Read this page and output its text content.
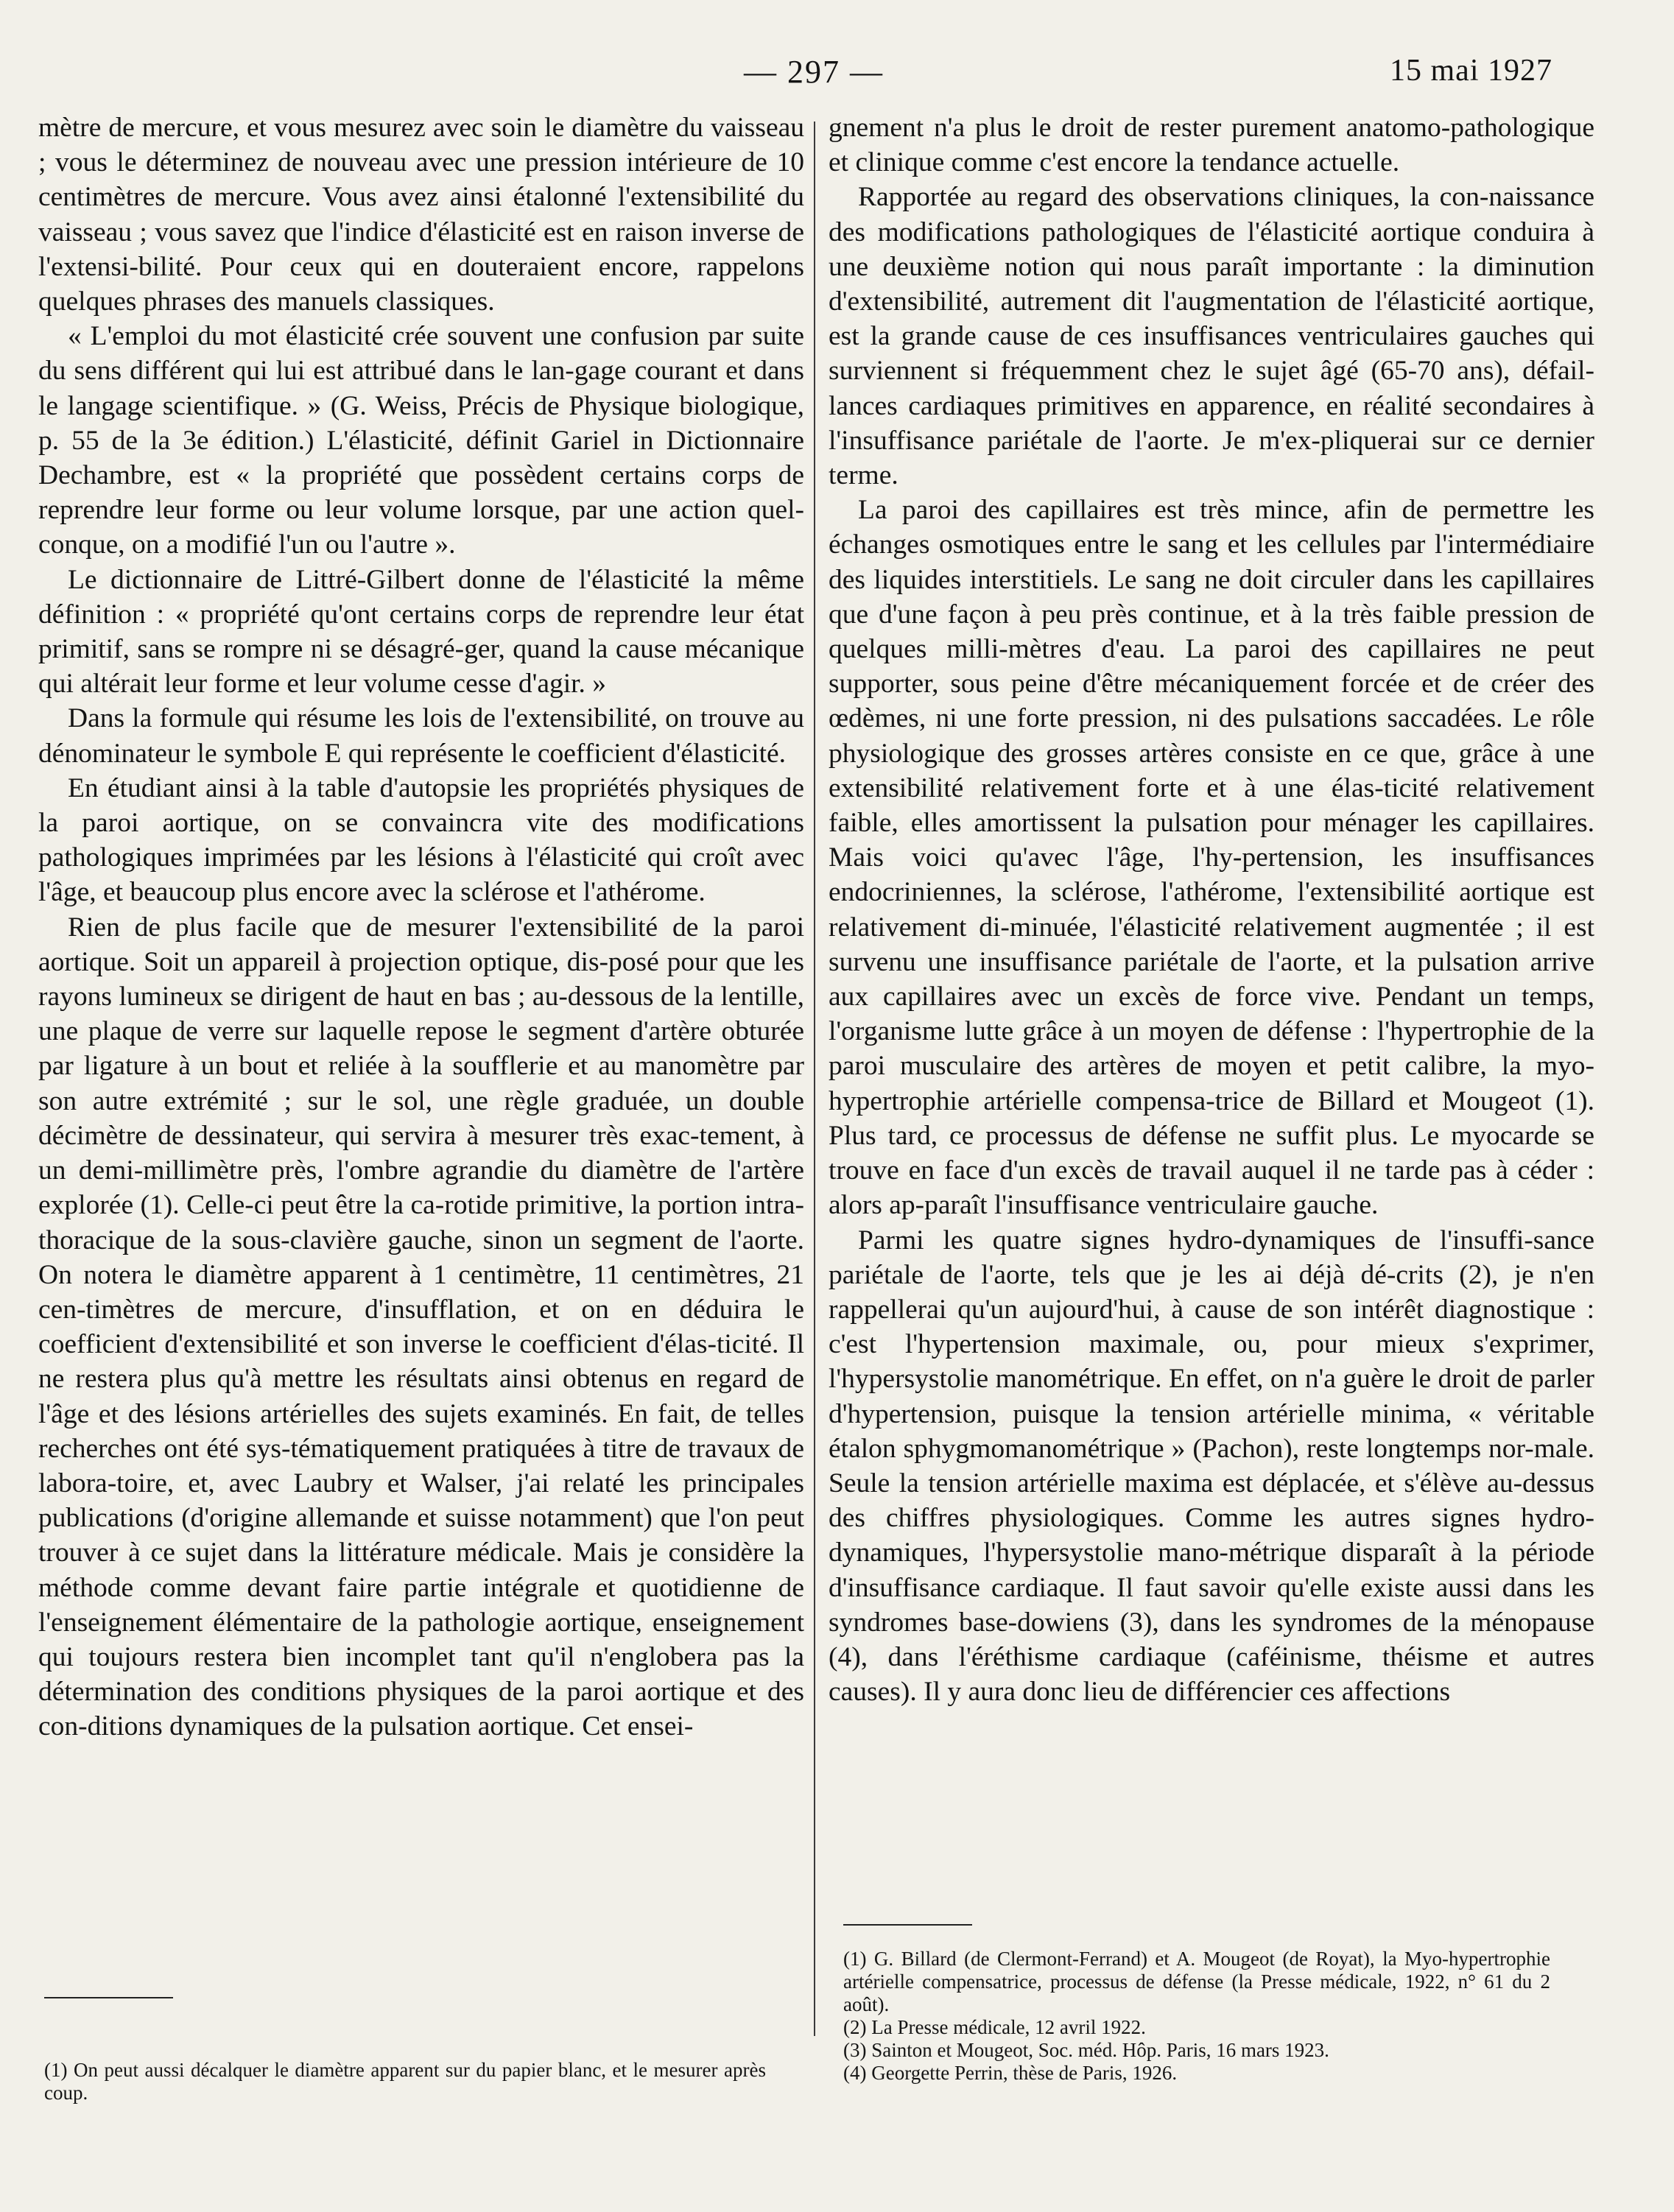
— 297 —	15 mai 1927

mètre de mercure, et vous mesurez avec soin le diamètre du vaisseau ; vous le déterminez de nouveau avec une pression intérieure de 10 centimètres de mercure. Vous avez ainsi étalonné l'extensibilité du vaisseau ; vous savez que l'indice d'élasticité est en raison inverse de l'extensi-bilité. Pour ceux qui en douteraient encore, rappelons quelques phrases des manuels classiques.

« L'emploi du mot élasticité crée souvent une confusion par suite du sens différent qui lui est attribué dans le lan-gage courant et dans le langage scientifique. » (G. Weiss, Précis de Physique biologique, p. 55 de la 3e édition.) L'élasticité, définit Gariel in Dictionnaire Dechambre, est « la propriété que possèdent certains corps de reprendre leur forme ou leur volume lorsque, par une action quel-conque, on a modifié l'un ou l'autre ».

Le dictionnaire de Littré-Gilbert donne de l'élasticité la même définition : « propriété qu'ont certains corps de reprendre leur état primitif, sans se rompre ni se désagré-ger, quand la cause mécanique qui altérait leur forme et leur volume cesse d'agir. »

Dans la formule qui résume les lois de l'extensibilité, on trouve au dénominateur le symbole E qui représente le coefficient d'élasticité.

En étudiant ainsi à la table d'autopsie les propriétés physiques de la paroi aortique, on se convaincra vite des modifications pathologiques imprimées par les lésions à l'élasticité qui croît avec l'âge, et beaucoup plus encore avec la sclérose et l'athérome.

Rien de plus facile que de mesurer l'extensibilité de la paroi aortique. Soit un appareil à projection optique, dis-posé pour que les rayons lumineux se dirigent de haut en bas ; au-dessous de la lentille, une plaque de verre sur laquelle repose le segment d'artère obturée par ligature à un bout et reliée à la soufflerie et au manomètre par son autre extrémité ; sur le sol, une règle graduée, un double décimètre de dessinateur, qui servira à mesurer très exac-tement, à un demi-millimètre près, l'ombre agrandie du diamètre de l'artère explorée (1). Celle-ci peut être la ca-rotide primitive, la portion intra-thoracique de la sous-clavière gauche, sinon un segment de l'aorte. On notera le diamètre apparent à 1 centimètre, 11 centimètres, 21 cen-timètres de mercure, d'insufflation, et on en déduira le coefficient d'extensibilité et son inverse le coefficient d'élas-ticité. Il ne restera plus qu'à mettre les résultats ainsi obtenus en regard de l'âge et des lésions artérielles des sujets examinés. En fait, de telles recherches ont été sys-tématiquement pratiquées à titre de travaux de labora-toire, et, avec Laubry et Walser, j'ai relaté les principales publications (d'origine allemande et suisse notamment) que l'on peut trouver à ce sujet dans la littérature médicale. Mais je considère la méthode comme devant faire partie intégrale et quotidienne de l'enseignement élémentaire de la pathologie aortique, enseignement qui toujours restera bien incomplet tant qu'il n'englobera pas la détermination des conditions physiques de la paroi aortique et des con-ditions dynamiques de la pulsation aortique. Cet ensei-

gnement n'a plus le droit de rester purement anatomo-pathologique et clinique comme c'est encore la tendance actuelle.

Rapportée au regard des observations cliniques, la con-naissance des modifications pathologiques de l'élasticité aortique conduira à une deuxième notion qui nous paraît importante : la diminution d'extensibilité, autrement dit l'augmentation de l'élasticité aortique, est la grande cause de ces insuffisances ventriculaires gauches qui surviennent si fréquemment chez le sujet âgé (65-70 ans), défail-lances cardiaques primitives en apparence, en réalité secondaires à l'insuffisance pariétale de l'aorte. Je m'ex-pliquerai sur ce dernier terme.

La paroi des capillaires est très mince, afin de permettre les échanges osmotiques entre le sang et les cellules par l'intermédiaire des liquides interstitiels. Le sang ne doit circuler dans les capillaires que d'une façon à peu près continue, et à la très faible pression de quelques milli-mètres d'eau. La paroi des capillaires ne peut supporter, sous peine d'être mécaniquement forcée et de créer des œdèmes, ni une forte pression, ni des pulsations saccadées. Le rôle physiologique des grosses artères consiste en ce que, grâce à une extensibilité relativement forte et à une élas-ticité relativement faible, elles amortissent la pulsation pour ménager les capillaires. Mais voici qu'avec l'âge, l'hy-pertension, les insuffisances endocriniennes, la sclérose, l'athérome, l'extensibilité aortique est relativement di-minuée, l'élasticité relativement augmentée ; il est survenu une insuffisance pariétale de l'aorte, et la pulsation arrive aux capillaires avec un excès de force vive. Pendant un temps, l'organisme lutte grâce à un moyen de défense : l'hypertrophie de la paroi musculaire des artères de moyen et petit calibre, la myo-hypertrophie artérielle compensa-trice de Billard et Mougeot (1). Plus tard, ce processus de défense ne suffit plus. Le myocarde se trouve en face d'un excès de travail auquel il ne tarde pas à céder : alors ap-paraît l'insuffisance ventriculaire gauche.

Parmi les quatre signes hydro-dynamiques de l'insuffi-sance pariétale de l'aorte, tels que je les ai déjà dé-crits (2), je n'en rappellerai qu'un aujourd'hui, à cause de son intérêt diagnostique : c'est l'hypertension maximale, ou, pour mieux s'exprimer, l'hypersystolie manométrique. En effet, on n'a guère le droit de parler d'hypertension, puisque la tension artérielle minima, « véritable étalon sphygmomanométrique » (Pachon), reste longtemps nor-male. Seule la tension artérielle maxima est déplacée, et s'élève au-dessus des chiffres physiologiques. Comme les autres signes hydro-dynamiques, l'hypersystolie mano-métrique disparaît à la période d'insuffisance cardiaque. Il faut savoir qu'elle existe aussi dans les syndromes base-dowiens (3), dans les syndromes de la ménopause (4), dans l'éréthisme cardiaque (caféinisme, théisme et autres causes). Il y aura donc lieu de différencier ces affections

(1) On peut aussi décalquer le diamètre apparent sur du papier blanc, et le mesurer après coup.

(1) G. Billard (de Clermont-Ferrand) et A. Mougeot (de Royat), la Myo-hypertrophie artérielle compensatrice, processus de défense (la Presse médicale, 1922, n° 61 du 2 août).

(2) La Presse médicale, 12 avril 1922.

(3) Sainton et Mougeot, Soc. méd. Hôp. Paris, 16 mars 1923.

(4) Georgette Perrin, thèse de Paris, 1926.
